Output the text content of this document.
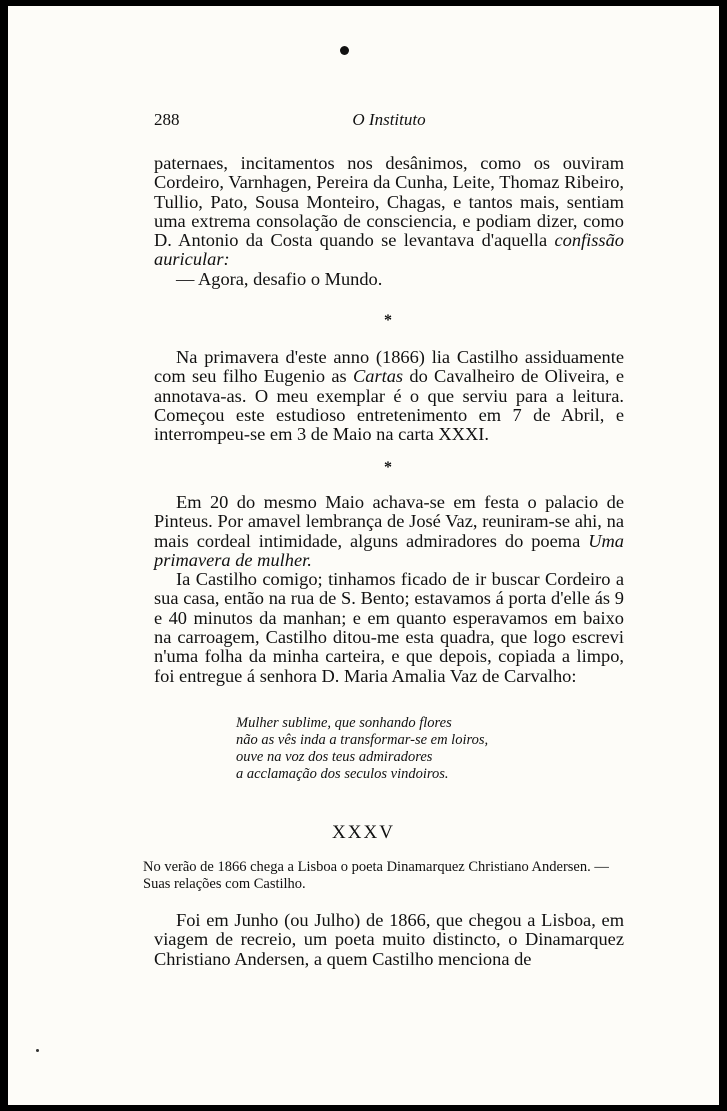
288	O Instituto

paternaes, incitamentos nos desânimos, como os ouviram Cordeiro, Varnhagen, Pereira da Cunha, Leite, Thomaz Ribeiro, Tullio, Pato, Sousa Monteiro, Chagas, e tantos mais, sentiam uma extrema consolação de consciencia, e podiam dizer, como D. Antonio da Costa quando se levantava d'aquella confissão auricular:

— Agora, desafio o Mundo.

*

Na primavera d'este anno (1866) lia Castilho assiduamente com seu filho Eugenio as Cartas do Cavalheiro de Oliveira, e annotava-as. O meu exemplar é o que serviu para a leitura. Começou este estudioso entretenimento em 7 de Abril, e interrompeu-se em 3 de Maio na carta XXXI.

*

Em 20 do mesmo Maio achava-se em festa o palacio de Pinteus. Por amavel lembrança de José Vaz, reuniram-se ahi, na mais cordeal intimidade, alguns admiradores do poema Uma primavera de mulher.

Ia Castilho comigo; tinhamos ficado de ir buscar Cordeiro a sua casa, então na rua de S. Bento; estavamos á porta d'elle ás 9 e 40 minutos da manhan; e em quanto esperavamos em baixo na carroagem, Castilho ditou-me esta quadra, que logo escrevi n'uma folha da minha carteira, e que depois, copiada a limpo, foi entregue á senhora D. Maria Amalia Vaz de Carvalho:

Mulher sublime, que sonhando flores
não as vês inda a transformar-se em loiros,
ouve na voz dos teus admiradores
a acclamação dos seculos vindoiros.
XXXV
No verão de 1866 chega a Lisboa o poeta Dinamarquez Christiano Andersen. — Suas relações com Castilho.

Foi em Junho (ou Julho) de 1866, que chegou a Lisboa, em viagem de recreio, um poeta muito distincto, o Dinamarquez Christiano Andersen, a quem Castilho menciona de
